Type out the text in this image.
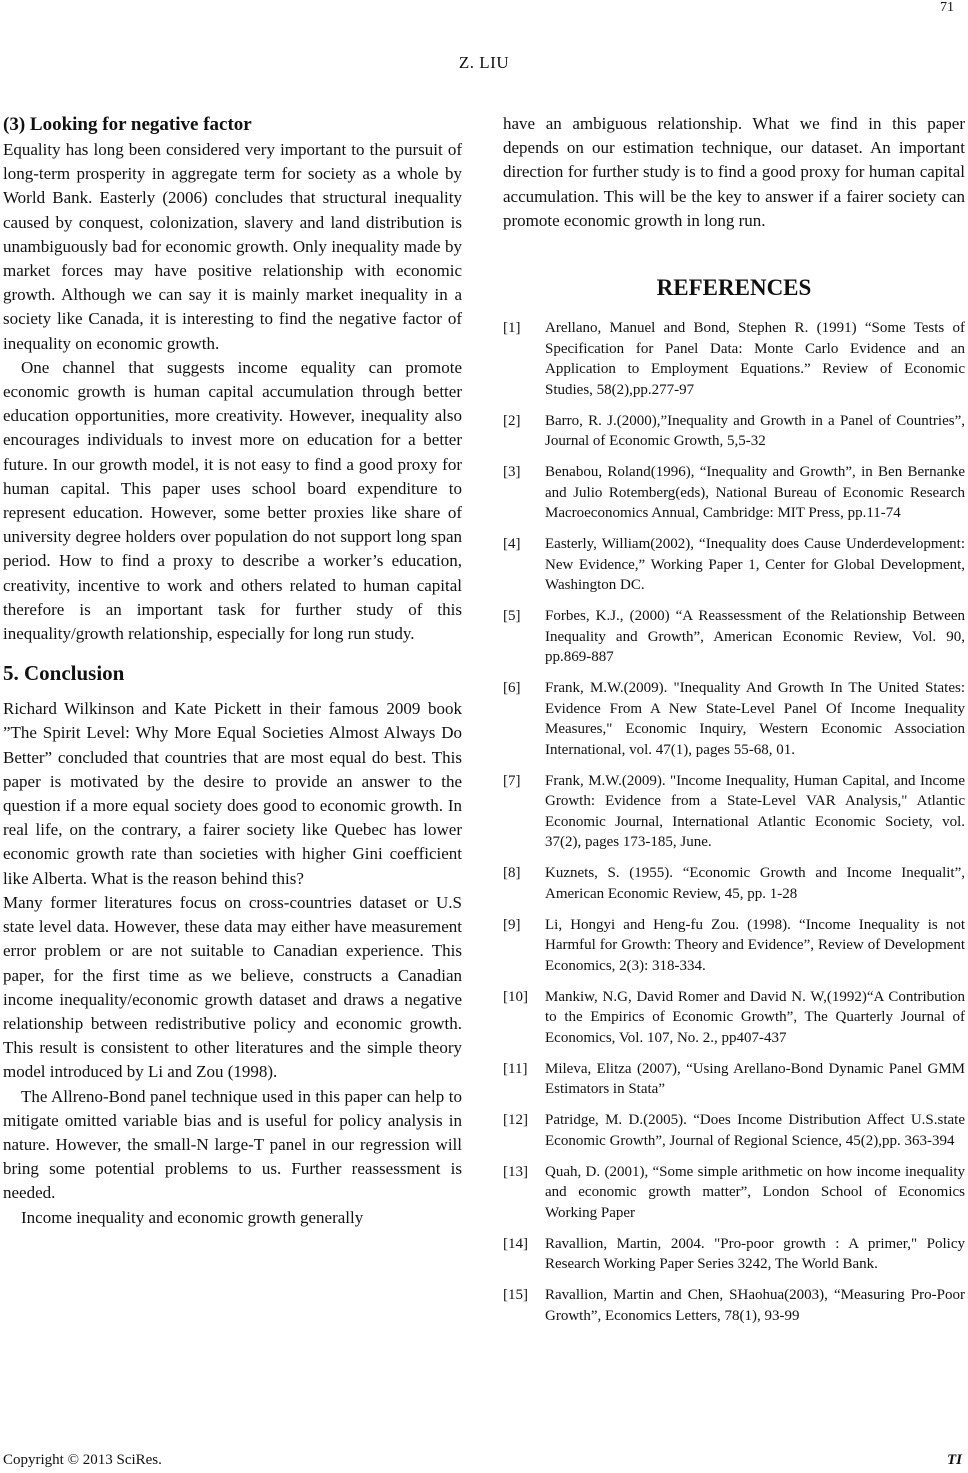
71
Z. LIU
(3) Looking for negative factor

Equality has long been considered very important to the pursuit of long-term prosperity in aggregate term for society as a whole by World Bank. Easterly (2006) concludes that structural inequality caused by conquest, colonization, slavery and land distribution is unambiguously bad for economic growth. Only inequality made by market forces may have positive relationship with economic growth. Although we can say it is mainly market inequality in a society like Canada, it is interesting to find the negative factor of inequality on economic growth.

One channel that suggests income equality can promote economic growth is human capital accumulation through better education opportunities, more creativity. However, inequality also encourages individuals to invest more on education for a better future. In our growth model, it is not easy to find a good proxy for human capital. This paper uses school board expenditure to represent education. However, some better proxies like share of university degree holders over population do not support long span period. How to find a proxy to describe a worker’s education, creativity, incentive to work and others related to human capital therefore is an important task for further study of this inequality/growth relationship, especially for long run study.

5. Conclusion

Richard Wilkinson and Kate Pickett in their famous 2009 book ”The Spirit Level: Why More Equal Societies Almost Always Do Better” concluded that countries that are most equal do best. This paper is motivated by the desire to provide an answer to the question if a more equal society does good to economic growth. In real life, on the contrary, a fairer society like Quebec has lower economic growth rate than societies with higher Gini coefficient like Alberta. What is the reason behind this?

Many former literatures focus on cross-countries dataset or U.S state level data. However, these data may either have measurement error problem or are not suitable to Canadian experience. This paper, for the first time as we believe, constructs a Canadian income inequality/economic growth dataset and draws a negative relationship between redistributive policy and economic growth. This result is consistent to other literatures and the simple theory model introduced by Li and Zou (1998).

The Allreno-Bond panel technique used in this paper can help to mitigate omitted variable bias and is useful for policy analysis in nature. However, the small-N large-T panel in our regression will bring some potential problems to us. Further reassessment is needed.

Income inequality and economic growth generally

have an ambiguous relationship. What we find in this paper depends on our estimation technique, our dataset. An important direction for further study is to find a good proxy for human capital accumulation. This will be the key to answer if a fairer society can promote economic growth in long run.

REFERENCES
[1]	Arellano, Manuel and Bond, Stephen R. (1991) “Some Tests of Specification for Panel Data: Monte Carlo Evidence and an Application to Employment Equations.” Review of Economic Studies, 58(2),pp.277-97
[2]	Barro, R. J.(2000),”Inequality and Growth in a Panel of Countries”, Journal of Economic Growth, 5,5-32
[3]	Benabou, Roland(1996), “Inequality and Growth”, in Ben Bernanke and Julio Rotemberg(eds), National Bureau of Economic Research Macroeconomics Annual, Cambridge: MIT Press, pp.11-74
[4]	Easterly, William(2002), “Inequality does Cause Underdevelopment: New Evidence,” Working Paper 1, Center for Global Development, Washington DC.
[5]	Forbes, K.J., (2000) “A Reassessment of the Relationship Between Inequality and Growth”, American Economic Review, Vol. 90, pp.869-887
[6]	Frank, M.W.(2009). "Inequality And Growth In The United States: Evidence From A New State-Level Panel Of Income Inequality Measures," Economic Inquiry, Western Economic Association International, vol. 47(1), pages 55-68, 01.
[7]	Frank, M.W.(2009). "Income Inequality, Human Capital, and Income Growth: Evidence from a State-Level VAR Analysis," Atlantic Economic Journal, International Atlantic Economic Society, vol. 37(2), pages 173-185, June.
[8]	Kuznets, S. (1955). “Economic Growth and Income Inequalit”, American Economic Review, 45, pp. 1-28
[9]	Li, Hongyi and Heng-fu Zou. (1998). “Income Inequality is not Harmful for Growth: Theory and Evidence”, Review of Development Economics, 2(3): 318-334.
[10]	Mankiw, N.G, David Romer and David N. W,(1992)“A Contribution to the Empirics of Economic Growth”, The Quarterly Journal of Economics, Vol. 107, No. 2., pp407-437
[11]	Mileva, Elitza (2007), “Using Arellano-Bond Dynamic Panel GMM Estimators in Stata”
[12]	Patridge, M. D.(2005). “Does Income Distribution Affect U.S.state Economic Growth”, Journal of Regional Science, 45(2),pp. 363-394
[13]	Quah, D. (2001), “Some simple arithmetic on how income inequality and economic growth matter”, London School of Economics Working Paper
[14]	Ravallion, Martin, 2004. "Pro-poor growth : A primer," Policy Research Working Paper Series 3242, The World Bank.
[15]	Ravallion, Martin and Chen, SHaohua(2003), “Measuring Pro-Poor Growth”, Economics Letters, 78(1), 93-99
Copyright © 2013 SciRes.	TI
